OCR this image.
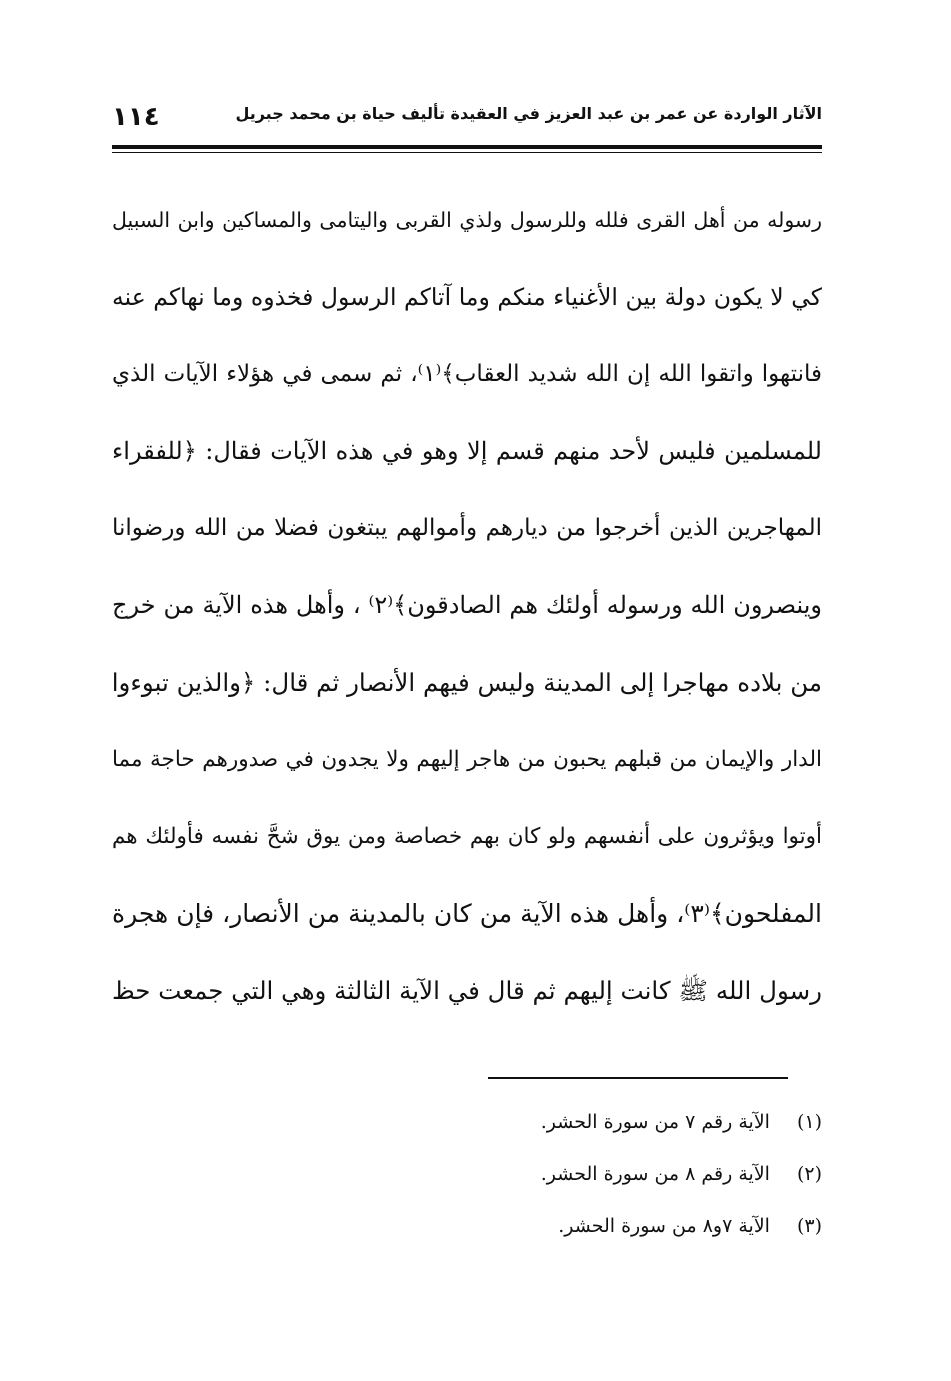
الآثار الواردة عن عمر بن عبد العزيز في العقيدة تأليف حياة بن محمد جبريل
١١٤
رسوله من أهل القرى فلله وللرسول ولذي القربى واليتامى والمساكين وابن السبيل
كي لا يكون دولة بين الأغنياء منكم وما آتاكم الرسول فخذوه وما نهاكم عنه
فانتهوا واتقوا الله إن الله شديد العقاب﴾⁽١⁾، ثم سمى في هؤلاء الآيات الذي
للمسلمين فليس لأحد منهم قسم إلا وهو في هذه الآيات فقال: ﴿للفقراء
المهاجرين الذين أخرجوا من ديارهم وأموالهم يبتغون فضلا من الله ورضوانا
وينصرون الله ورسوله أولئك هم الصادقون﴾⁽٢⁾ ، وأهل هذه الآية من خرج
من بلاده مهاجرا إلى المدينة وليس فيهم الأنصار ثم قال: ﴿والذين تبوءوا
الدار والإيمان من قبلهم يحبون من هاجر إليهم ولا يجدون في صدورهم حاجة مما
أوتوا ويؤثرون على أنفسهم ولو كان بهم خصاصة ومن يوق شحَّ نفسه فأولئك هم
المفلحون﴾⁽٣⁾، وأهل هذه الآية من كان بالمدينة من الأنصار، فإن هجرة
رسول الله ﷺ كانت إليهم ثم قال في الآية الثالثة وهي التي جمعت حظ
(١) الآية رقم ٧ من سورة الحشر.
(٢) الآية رقم ٨ من سورة الحشر.
(٣) الآية ٧و٨ من سورة الحشر.
